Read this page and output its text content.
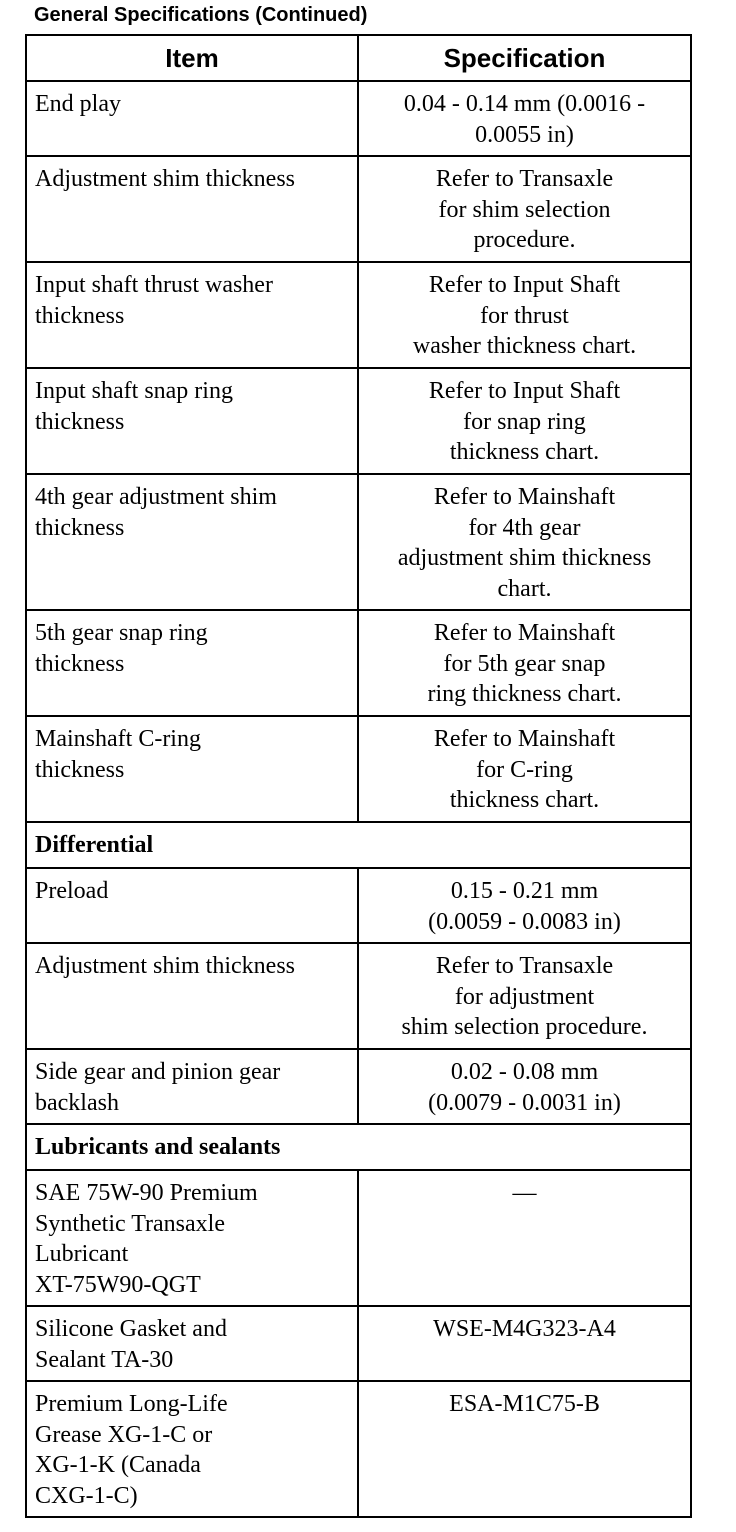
General Specifications (Continued)
Item	Specification

End play	0.04 - 0.14 mm (0.0016 -
0.0055 in)

Adjustment shim thickness	Refer to Transaxle
for shim selection
procedure.

Input shaft thrust washer
thickness	Refer to Input Shaft
for thrust
washer thickness chart.

Input shaft snap ring
thickness	Refer to Input Shaft
for snap ring
thickness chart.

4th gear adjustment shim
thickness	Refer to Mainshaft
for 4th gear
adjustment shim thickness
chart.

5th gear snap ring
thickness	Refer to Mainshaft
for 5th gear snap
ring thickness chart.

Mainshaft C-ring
thickness	Refer to Mainshaft
for C-ring
thickness chart.

Differential	

Preload	0.15 - 0.21 mm
(0.0059 - 0.0083 in)

Adjustment shim thickness	Refer to Transaxle
for adjustment
shim selection procedure.

Side gear and pinion gear
backlash	0.02 - 0.08 mm
(0.0079 - 0.0031 in)

Lubricants and sealants	

SAE 75W-90 Premium
Synthetic Transaxle
Lubricant
XT-75W90-QGT	—

Silicone Gasket and
Sealant TA-30	WSE-M4G323-A4

Premium Long-Life
Grease XG-1-C or
XG-1-K (Canada
CXG-1-C)	ESA-M1C75-B
